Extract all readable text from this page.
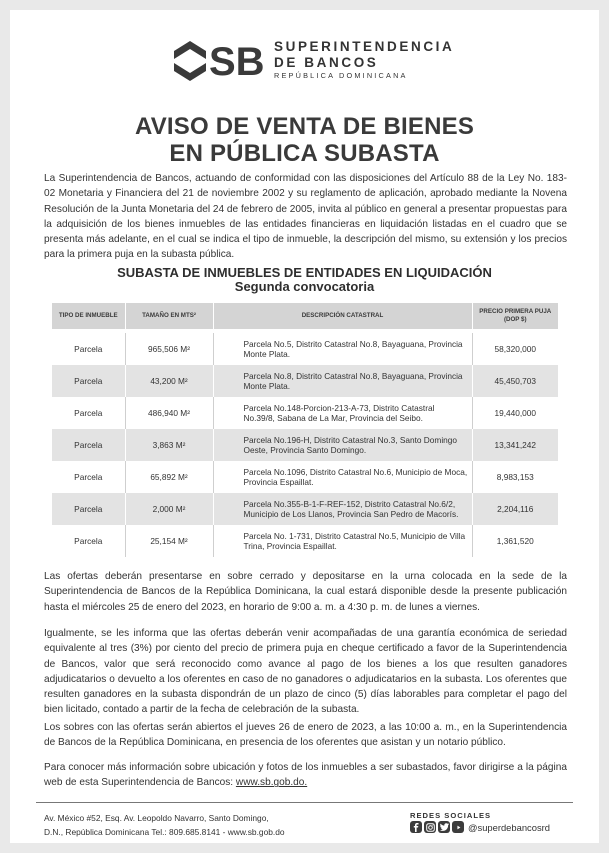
SB SUPERINTENDENCIA
DE BANCOS
REPÚBLICA DOMINICANA
AVISO DE VENTA DE BIENES
EN PÚBLICA SUBASTA

La Superintendencia de Bancos, actuando de conformidad con las disposiciones del Artículo 88 de la Ley No. 183-02 Monetaria y Financiera del 21 de noviembre 2002 y su reglamento de aplicación, aprobado mediante la Novena Resolución de la Junta Monetaria del 24 de febrero de 2005, invita al público en general a presentar propuestas para la adquisición de los bienes inmuebles de las entidades financieras en liquidación listadas en el cuadro que se presenta más adelante, en el cual se indica el tipo de inmueble, la descripción del mismo, su extensión y los precios para la primera puja en la subasta pública.

SUBASTA DE INMUEBLES DE ENTIDADES EN LIQUIDACIÓN
Segunda convocatoria
TIPO DE INMUEBLE	TAMAÑO EN MTS²	DESCRIPCIÓN CATASTRAL	PRECIO PRIMERA PUJA (DOP $)

Parcela	965,506 M²	Parcela No.5, Distrito Catastral No.8, Bayaguana, Provincia Monte Plata.	58,320,000
Parcela	43,200 M²	Parcela No.8, Distrito Catastral No.8, Bayaguana, Provincia Monte Plata.	45,450,703
Parcela	486,940 M²	Parcela No.148-Porcion-213-A-73, Distrito Catastral No.39/8, Sabana de La Mar, Provincia del Seibo.	19,440,000
Parcela	3,863 M²	Parcela No.196-H, Distrito Catastral No.3, Santo Domingo Oeste, Provincia Santo Domingo.	13,341,242
Parcela	65,892 M²	Parcela No.1096, Distrito Catastral No.6, Municipio de Moca, Provincia Espaillat.	8,983,153
Parcela	2,000 M²	Parcela No.355-B-1-F-REF-152, Distrito Catastral No.6/2, Municipio de Los Llanos, Provincia San Pedro de Macorís.	2,204,116
Parcela	25,154 M²	Parcela No. 1-731, Distrito Catastral No.5, Municipio de Villa Trina, Provincia Espaillat.	1,361,520

Las ofertas deberán presentarse en sobre cerrado y depositarse en la urna colocada en la sede de la Superintendencia de Bancos de la República Dominicana, la cual estará disponible desde la presente publicación hasta el miércoles 25 de enero del 2023, en horario de 9:00 a. m. a 4:30 p. m. de lunes a viernes.

Igualmente, se les informa que las ofertas deberán venir acompañadas de una garantía económica de seriedad equivalente al tres (3%) por ciento del precio de primera puja en cheque certificado a favor de la Superintendencia de Bancos, valor que será reconocido como avance al pago de los bienes a los que resulten ganadores adjudicatarios o devuelto a los oferentes en caso de no ganadores o adjudicatarios en la subasta. Los oferentes que resulten ganadores en la subasta dispondrán de un plazo de cinco (5) días laborables para completar el pago del bien licitado, contado a partir de la fecha de celebración de la subasta.

Los sobres con las ofertas serán abiertos el jueves 26 de enero de 2023, a las 10:00 a. m., en la Superintendencia de Bancos de la República Dominicana, en presencia de los oferentes que asistan y un notario público.

Para conocer más información sobre ubicación y fotos de los inmuebles a ser subastados, favor dirigirse a la página web de esta Superintendencia de Bancos: www.sb.gob.do.

Av. México #52, Esq. Av. Leopoldo Navarro, Santo Domingo,
D.N., República Dominicana Tel.: 809.685.8141 - www.sb.gob.do
REDES SOCIALES
@superdebancosrd
